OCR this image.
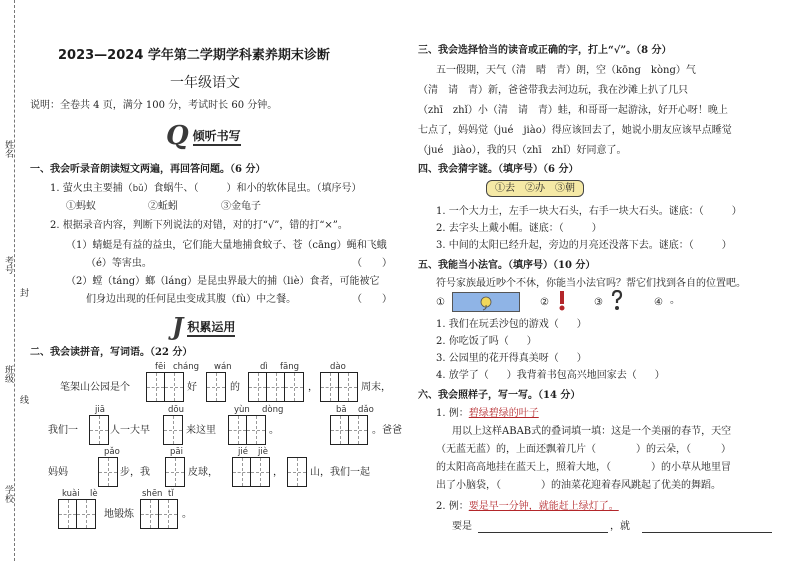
姓名
考号
封
班级
线
学校
2023—2024 学年第二学期学科素养期末诊断
一年级语文
说明：全卷共 4 页，满分 100 分，考试时长 60 分钟。
Q 倾听书写
一、我会听录音朗读短文两遍，再回答问题。（6 分）
1. 萤火虫主要捕（bǔ）食蜗牛、（	）和小的软体昆虫。（填序号）
①蚂蚁	②蚯蚓	③金龟子
2. 根据录音内容，判断下列说法的对错，对的打“√”，错的打“×”。
（1）蜻蜓是有益的益虫，它们能大量地捕食蚊子、苍（cāng）蝇和飞蛾
（é）等害虫。	（　　）
（2）螳（táng）螂（láng）是昆虫界最大的捕（liè）食者，可能被它
们身边出现的任何昆虫变成其腹（fù）中之餐。	（　　）
J 积累运用
二、我会读拼音，写词语。（22 分）
fēi cháng wán	dì fāng	dào
笔架山公园是个	好	的	，	周末，
jiā	dōu	yùn dòng	bā dǎo
我们一	人一大早	来这里	。	。爸爸
pǎo	pāi	jié jiè
妈妈	步，我	皮球，	，	山，我们一起
kuài lè	shēn tǐ
地锻炼	。
三、我会选择恰当的读音或正确的字，打上“√”。（8 分）
五一假期，天气（清　晴　青）朗，空（kōng　kòng）气
（清　请　青）新，爸爸带我去河边玩，我在沙滩上扒了几只
（zhī　zhǐ）小（清　请　青）蛙，和哥哥一起游泳，好开心呀！晚上
七点了，妈妈觉（jué　jiào）得应该回去了，她说小朋友应该早点睡觉
（jué　jiào），我的只（zhī　zhǐ）好同意了。
四、我会猜字谜。（填序号）（6 分）
①去　②办　③朝
1. 一个大力士，左手一块大石头，右手一块大石头。谜底：（	）
2. 去字头上戴小帽。谜底：（	）
3. 中间的太阳已经升起，旁边的月亮还没落下去。谜底：（	）
五、我能当小法官。（填序号）（10 分）
符号家族最近吵个不休，你能当小法官吗？帮它们找到各自的位置吧。
①	②	③	④ 。
1. 我们在玩丢沙包的游戏（ ）
2. 你吃饭了吗（ ）
3. 公园里的花开得真美呀（ ）
4. 放学了（ ）我背着书包高兴地回家去（ ）
六、我会照样子，写一写。（14 分）
1. 例：碧绿碧绿的叶子
用以上这样ABAB式的叠词填一填：这是一个美丽的春节，天空
（无蓝无蓝）的，上面还飘着几片（　　　　）的云朵，（　　　）
的太阳高高地挂在蓝天上，照着大地，（　　　　）的小草从地里冒
出了小脑袋，（　　　　）的油菜花迎着春风跳起了优美的舞蹈。
2. 例：要是早一分钟，就能赶上绿灯了。
要是	，就
